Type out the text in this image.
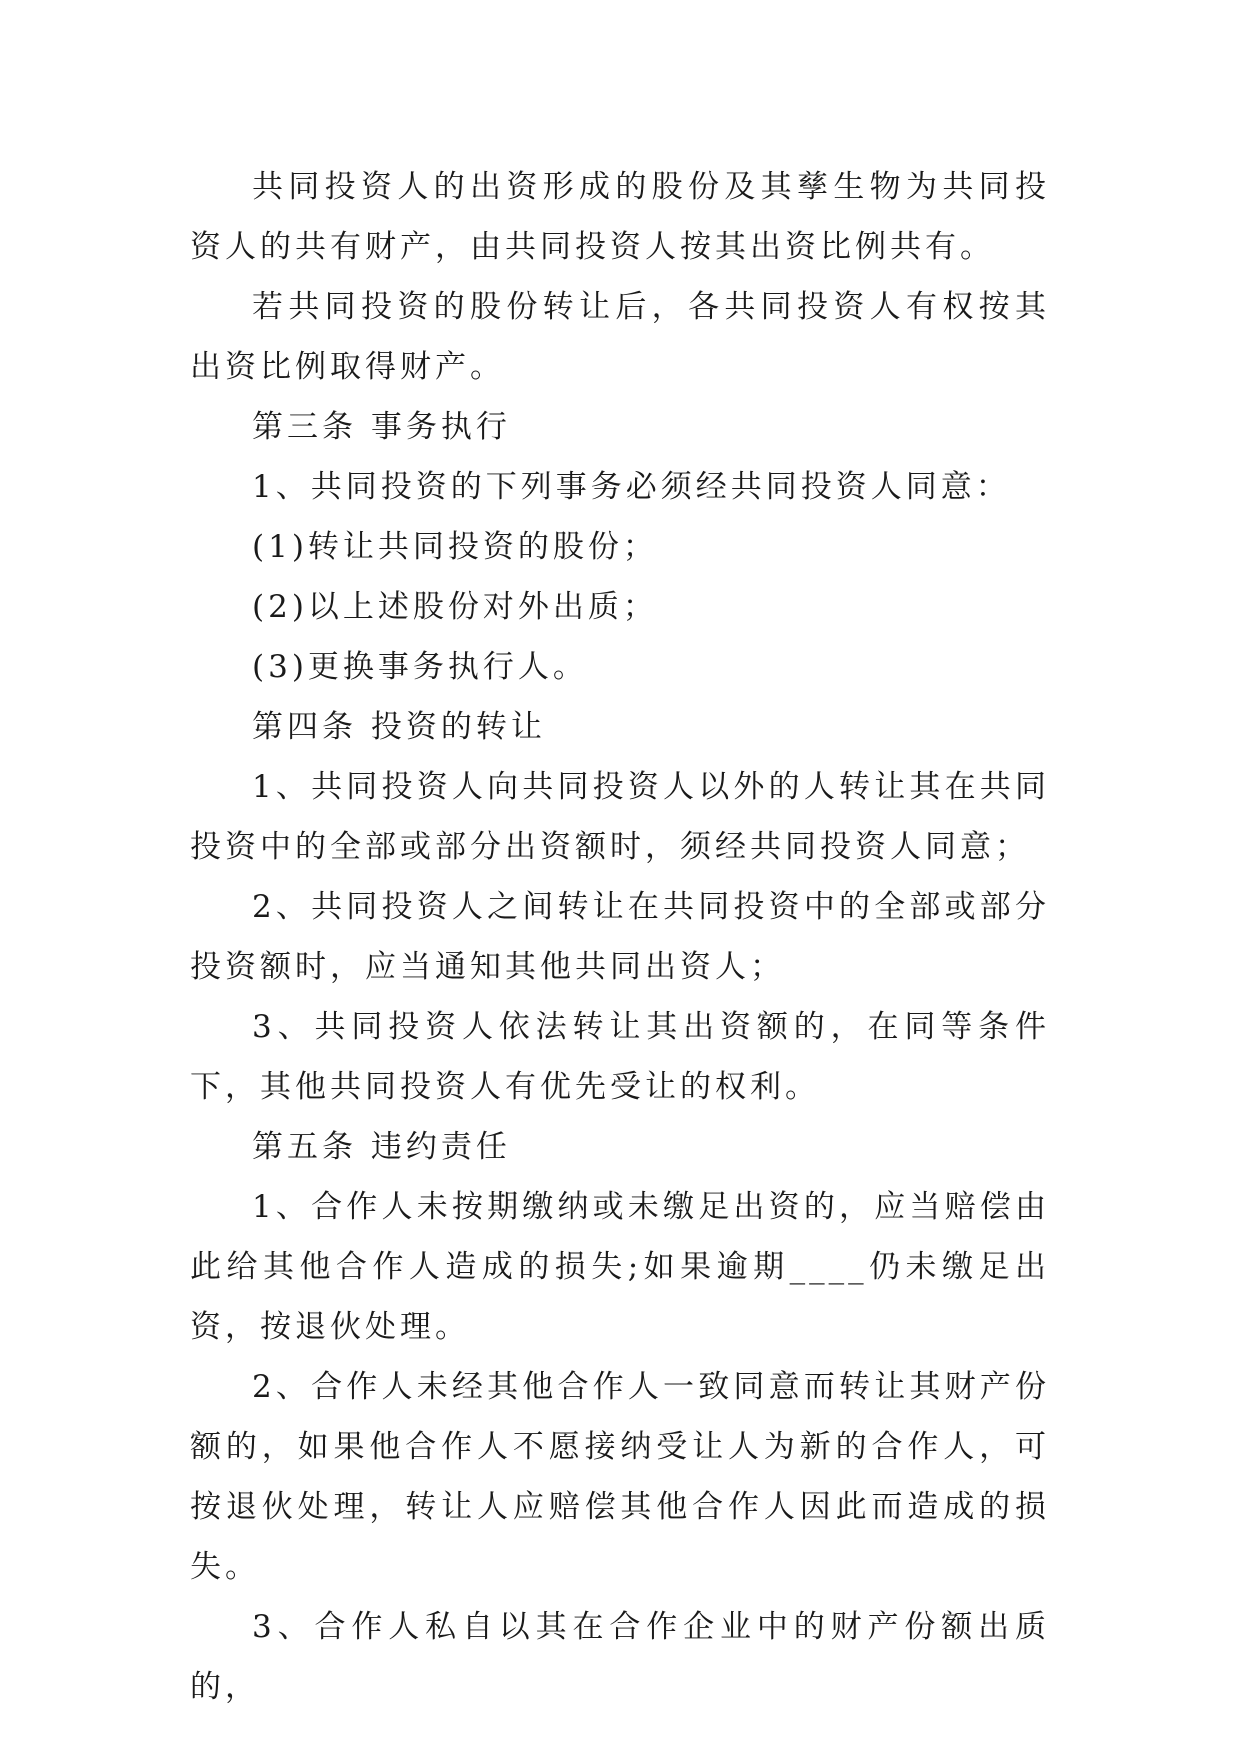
共同投资人的出资形成的股份及其孳生物为共同投资人的共有财产，由共同投资人按其出资比例共有。

若共同投资的股份转让后，各共同投资人有权按其出资比例取得财产。

第三条 事务执行

1、共同投资的下列事务必须经共同投资人同意：

(1)转让共同投资的股份；

(2)以上述股份对外出质；

(3)更换事务执行人。

第四条 投资的转让

1、共同投资人向共同投资人以外的人转让其在共同投资中的全部或部分出资额时，须经共同投资人同意；

2、共同投资人之间转让在共同投资中的全部或部分投资额时，应当通知其他共同出资人；

3、共同投资人依法转让其出资额的，在同等条件下，其他共同投资人有优先受让的权利。

第五条 违约责任

1、合作人未按期缴纳或未缴足出资的，应当赔偿由此给其他合作人造成的损失;如果逾期____仍未缴足出资，按退伙处理。

2、合作人未经其他合作人一致同意而转让其财产份额的，如果他合作人不愿接纳受让人为新的合作人，可按退伙处理，转让人应赔偿其他合作人因此而造成的损失。

3、合作人私自以其在合作企业中的财产份额出质的，
